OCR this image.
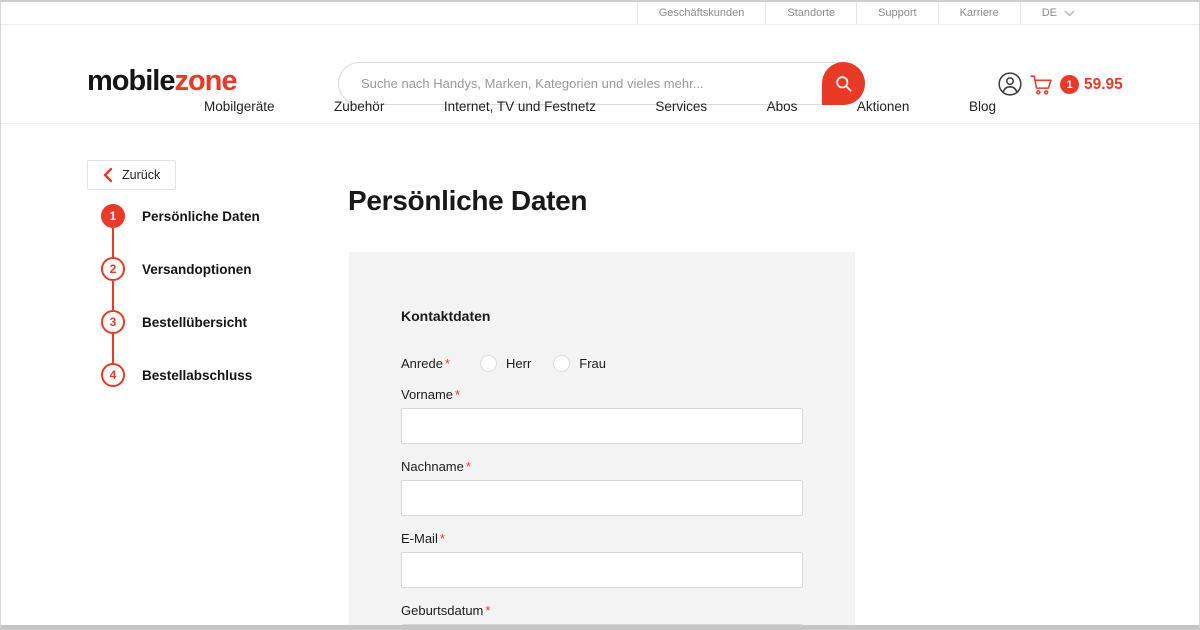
Geschäftskunden	Standorte	Support	Karriere	DE
mobilezone
Suche nach Handys, Marken, Kategorien und vieles mehr...	1 59.95
Mobilgeräte	Zubehör	Internet, TV und Festnetz	Services	Abos	Aktionen	Blog
Zurück
1	Persönliche Daten
2	Versandoptionen
3	Bestellübersicht
4	Bestellabschluss
Persönliche Daten
Kontaktdaten
Anrede *	Herr	Frau
Vorname *
Nachname *
E-Mail *
Geburtsdatum *
